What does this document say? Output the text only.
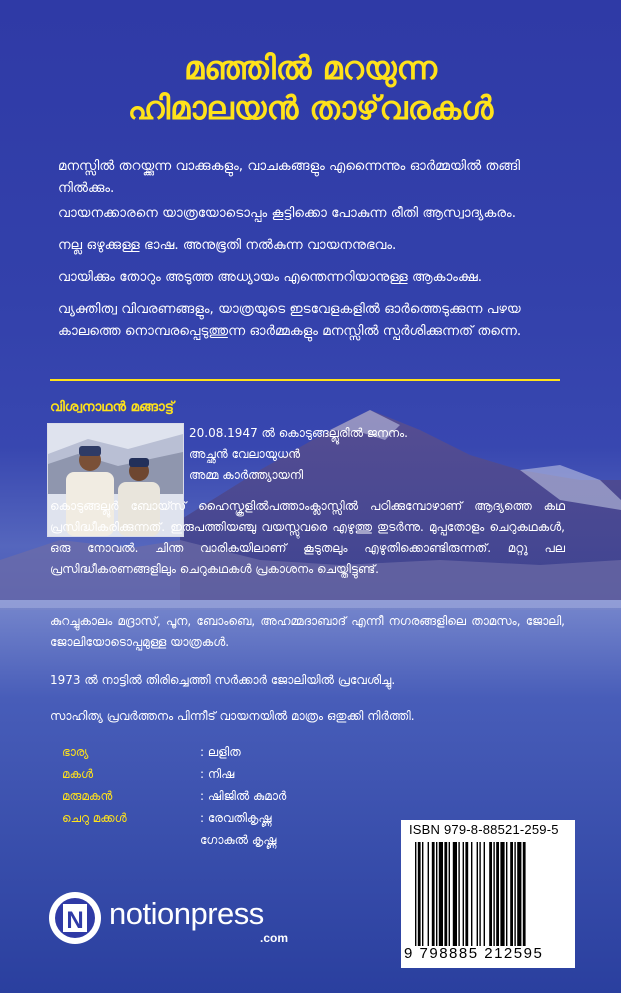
മഞ്ഞിൽ മറയുന്ന
ഹിമാലയൻ താഴ്‌വരകൾ
മനസ്സിൽ തറയ്ക്കുന്ന വാക്കുകളും, വാചകങ്ങളും എന്നൈന്നും ഓർമ്മയിൽ തങ്ങി നിൽക്കും.
വായനക്കാരനെ യാത്രയോടൊപ്പം കൂട്ടിക്കൊ പോകുന്ന രീതി ആസ്വാദ്യകരം.
നല്ല ഒഴുക്കുള്ള ഭാഷ. അനുഭൂതി നൽകുന്ന വായനനുഭവം.
വായിക്കും തോറും അടുത്ത അധ്യായം എന്തെന്നറിയാനുള്ള ആകാംക്ഷ.
വ്യക്തിത്വ വിവരണങ്ങളും, യാത്രയുടെ ഇടവേളകളിൽ ഓർത്തെടുക്കുന്ന പഴയ കാലത്തെ നൊമ്പരപ്പെടുത്തുന്ന ഓർമ്മകളും മനസ്സിൽ സ്പർശിക്കുന്നത് തന്നെ.
വിശ്വനാഥൻ മങ്ങാട്ട്
20.08.1947 ൽ കൊടുങ്ങല്ലൂരിൽ ജനനം.
അച്ഛൻ വേലായുധൻ
അമ്മ കാർത്ത്യായനി
കൊടുങ്ങല്ലൂർ ബോയ്സ് ഹൈസ്കൂളിൽപത്താംക്ലാസ്സിൽ പഠിക്കുമ്പോഴാണ് ആദ്യത്തെ കഥ പ്രസിദ്ധീകരിക്കുന്നത്. ഇരുപത്തിയഞ്ചു വയസ്സുവരെ എഴുത്തു തുടർന്നു. മുപ്പതോളം ചെറുകഥകൾ, ഒരു നോവൽ. ചിന്ത വാരികയിലാണ് കൂടുതലും എഴുതിക്കൊണ്ടിരുന്നത്. മറ്റു പല പ്രസിദ്ധീകരണങ്ങളിലും ചെറുകഥകൾ പ്രകാശനം ചെയ്തിട്ടുണ്ട്.
കുറച്ചുകാലം മദ്രാസ്, പൂന, ബോംബെ, അഹമ്മദാബാദ് എന്നീ നഗരങ്ങളിലെ താമസം, ജോലി, ജോലിയോടൊപ്പമുള്ള യാത്രകൾ.
1973 ൽ നാട്ടിൽ തിരിച്ചെത്തി സർക്കാർ ജോലിയിൽ പ്രവേശിച്ചു.
സാഹിത്യ പ്രവർത്തനം പിന്നീട് വായനയിൽ മാത്രം ഒതുക്കി നിർത്തി.
ഭാര്യ	: ലളിത
മകൾ	: നിഷ
മരുമകൻ	: ഷിജിൽ കുമാർ
ചെറു മക്കൾ	: രേവതികൃഷ്ണ
ഗോകുൽ കൃഷ്ണ
ISBN 979-8-88521-259-5
9 798885 212595
N notionpress
.com
